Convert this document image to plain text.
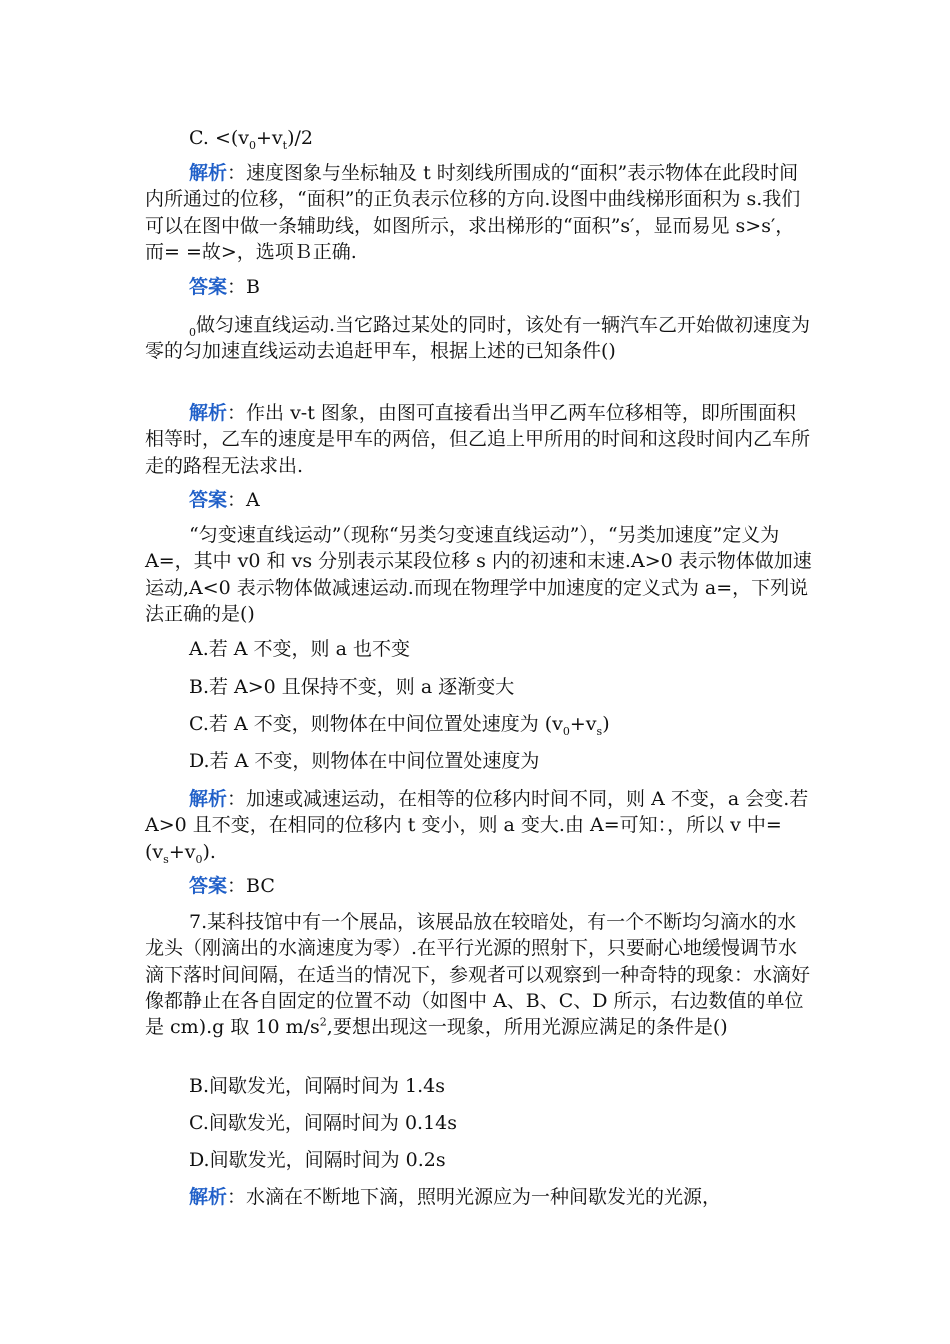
C. $<(v_0+v_t)/2$

解析：速度图象与坐标轴及 t 时刻线所围成的“面积”表示物体在此段时间内所通过的位移，“面积”的正负表示位移的方向.设图中曲线梯形面积为 s.我们可以在图中做一条辅助线，如图所示，求出梯形的“面积”s′，显而易见 s>s′，而= =故>，选项Ｂ正确.

答案：B

$_0$做匀速直线运动.当它路过某处的同时，该处有一辆汽车乙开始做初速度为零的匀加速直线运动去追赶甲车，根据上述的已知条件()

解析：作出 v-t 图象，由图可直接看出当甲乙两车位移相等，即所围面积相等时，乙车的速度是甲车的两倍，但乙追上甲所用的时间和这段时间内乙车所走的路程无法求出.

答案：A

“匀变速直线运动”（现称“另类匀变速直线运动”），“另类加速度”定义为 A=，其中 v0 和 vs 分别表示某段位移 s 内的初速和末速.A>0 表示物体做加速运动,A<0 表示物体做减速运动.而现在物理学中加速度的定义式为 a=，下列说法正确的是()

A.若 A 不变，则 a 也不变

B.若 A>0 且保持不变，则 a 逐渐变大

C.若 A 不变，则物体在中间位置处速度为 $(v_0+v_s)$

D.若 A 不变，则物体在中间位置处速度为

解析：加速或减速运动，在相等的位移内时间不同，则 A 不变，a 会变.若 A>0 且不变，在相同的位移内 t 变小，则 a 变大.由 A=可知：，所以 v 中= $(v_s+v_0)$.

答案：BC

7.某科技馆中有一个展品，该展品放在较暗处，有一个不断均匀滴水的水龙头（刚滴出的水滴速度为零）.在平行光源的照射下，只要耐心地缓慢调节水滴下落时间间隔，在适当的情况下，参观者可以观察到一种奇特的现象：水滴好像都静止在各自固定的位置不动（如图中 A、B、C、D 所示，右边数值的单位是 cm).g 取 10 $m/s^2$,要想出现这一现象，所用光源应满足的条件是()

B.间歇发光，间隔时间为 1.4s

C.间歇发光，间隔时间为 0.14s

D.间歇发光，间隔时间为 0.2s

解析：水滴在不断地下滴，照明光源应为一种间歇发光的光源，
